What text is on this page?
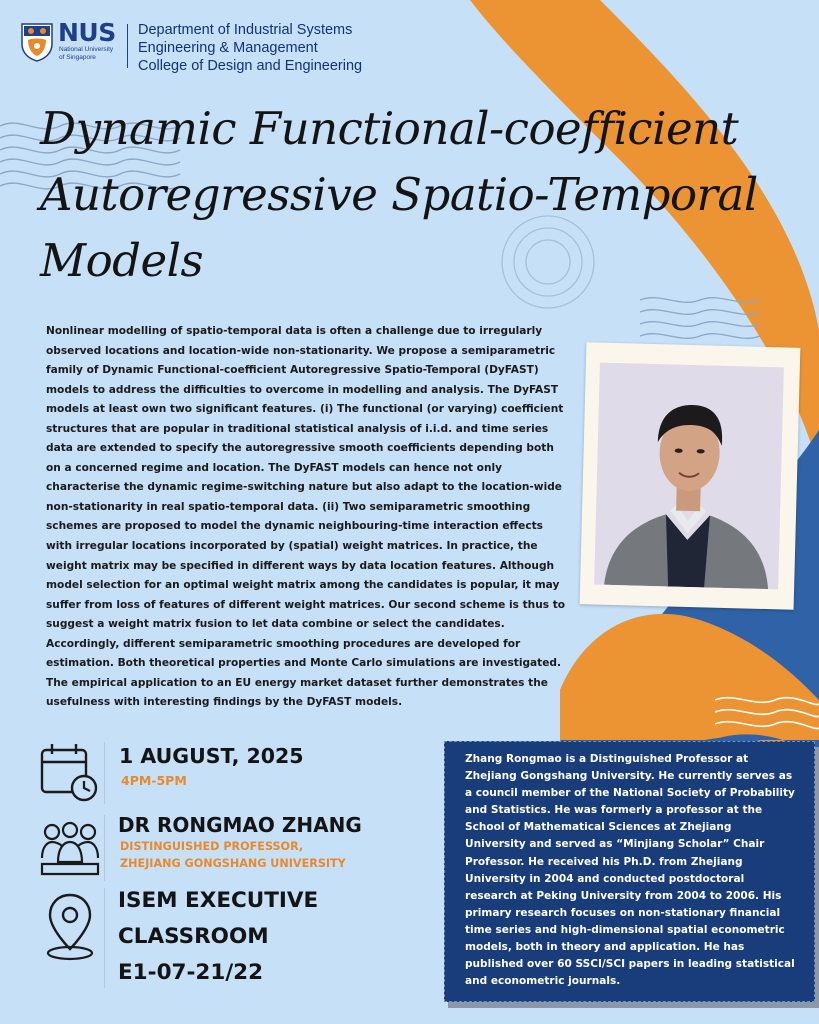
NUS
National University
of Singapore
Department of Industrial Systems
Engineering & Management
College of Design and Engineering
Dynamic Functional-coefficient
Autoregressive Spatio-Temporal
Models

Nonlinear modelling of spatio-temporal data is often a challenge due to irregularly observed locations and location-wide non-stationarity. We propose a semiparametric family of Dynamic Functional-coefficient Autoregressive Spatio-Temporal (DyFAST) models to address the difficulties to overcome in modelling and analysis. The DyFAST models at least own two significant features. (i) The functional (or varying) coefficient structures that are popular in traditional statistical analysis of i.i.d. and time series data are extended to specify the autoregressive smooth coefficients depending both on a concerned regime and location. The DyFAST models can hence not only characterise the dynamic regime-switching nature but also adapt to the location-wide non-stationarity in real spatio-temporal data. (ii) Two semiparametric smoothing schemes are proposed to model the dynamic neighbouring-time interaction effects with irregular locations incorporated by (spatial) weight matrices. In practice, the weight matrix may be specified in different ways by data location features. Although model selection for an optimal weight matrix among the candidates is popular, it may suffer from loss of features of different weight matrices. Our second scheme is thus to suggest a weight matrix fusion to let data combine or select the candidates. Accordingly, different semiparametric smoothing procedures are developed for estimation. Both theoretical properties and Monte Carlo simulations are investigated. The empirical application to an EU energy market dataset further demonstrates the usefulness with interesting findings by the DyFAST models.

1 AUGUST, 2025
4PM-5PM
DR RONGMAO ZHANG
DISTINGUISHED PROFESSOR,
ZHEJIANG GONGSHANG UNIVERSITY
ISEM EXECUTIVE
CLASSROOM
E1-07-21/22

Zhang Rongmao is a Distinguished Professor at Zhejiang Gongshang University. He currently serves as a council member of the National Society of Probability and Statistics. He was formerly a professor at the School of Mathematical Sciences at Zhejiang University and served as “Minjiang Scholar” Chair Professor. He received his Ph.D. from Zhejiang University in 2004 and conducted postdoctoral research at Peking University from 2004 to 2006. His primary research focuses on non-stationary financial time series and high-dimensional spatial econometric models, both in theory and application. He has published over 60 SSCI/SCI papers in leading statistical and econometric journals.
